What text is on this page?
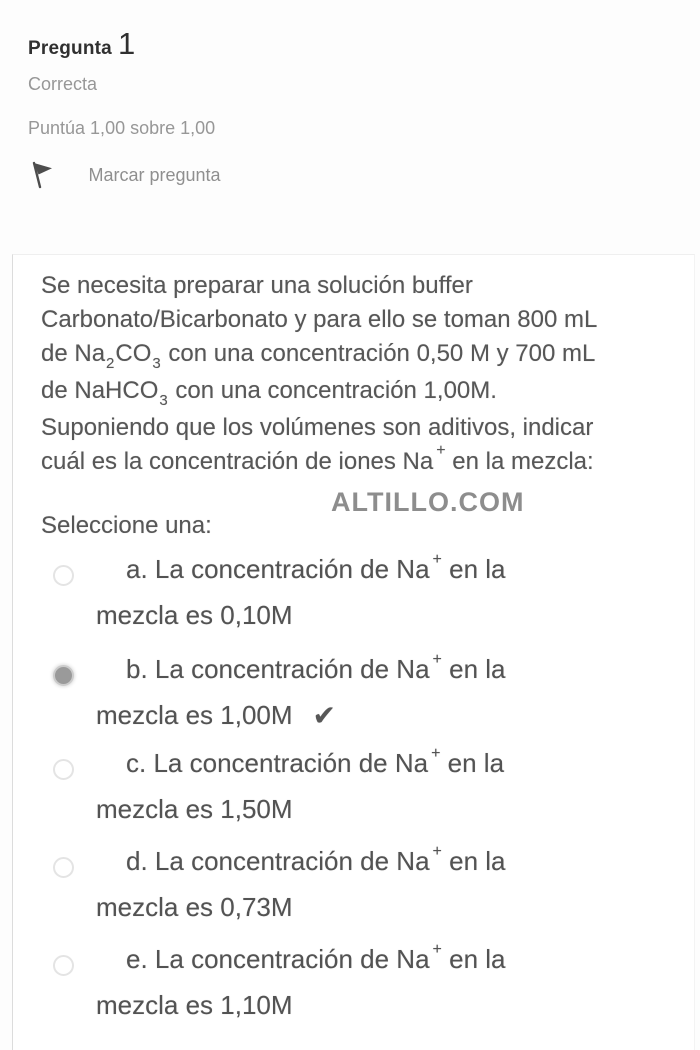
Pregunta 1
Correcta
Puntúa 1,00 sobre 1,00
Marcar pregunta
Se necesita preparar una solución buffer
Carbonato/Bicarbonato y para ello se toman 800 mL
de $Na_2CO_3$ con una concentración 0,50 M y 700 mL
de NaHCO$_3$ con una concentración 1,00M.
Suponiendo que los volúmenes son aditivos, indicar
cuál es la concentración de iones Na + en la mezcla:
ALTILLO.COM
Seleccione una:
a. La concentración de Na + en la
mezcla es 0,10M
b. La concentración de Na + en la
mezcla es 1,00M ✔
c. La concentración de Na + en la
mezcla es 1,50M
d. La concentración de Na + en la
mezcla es 0,73M
e. La concentración de Na + en la
mezcla es 1,10M
